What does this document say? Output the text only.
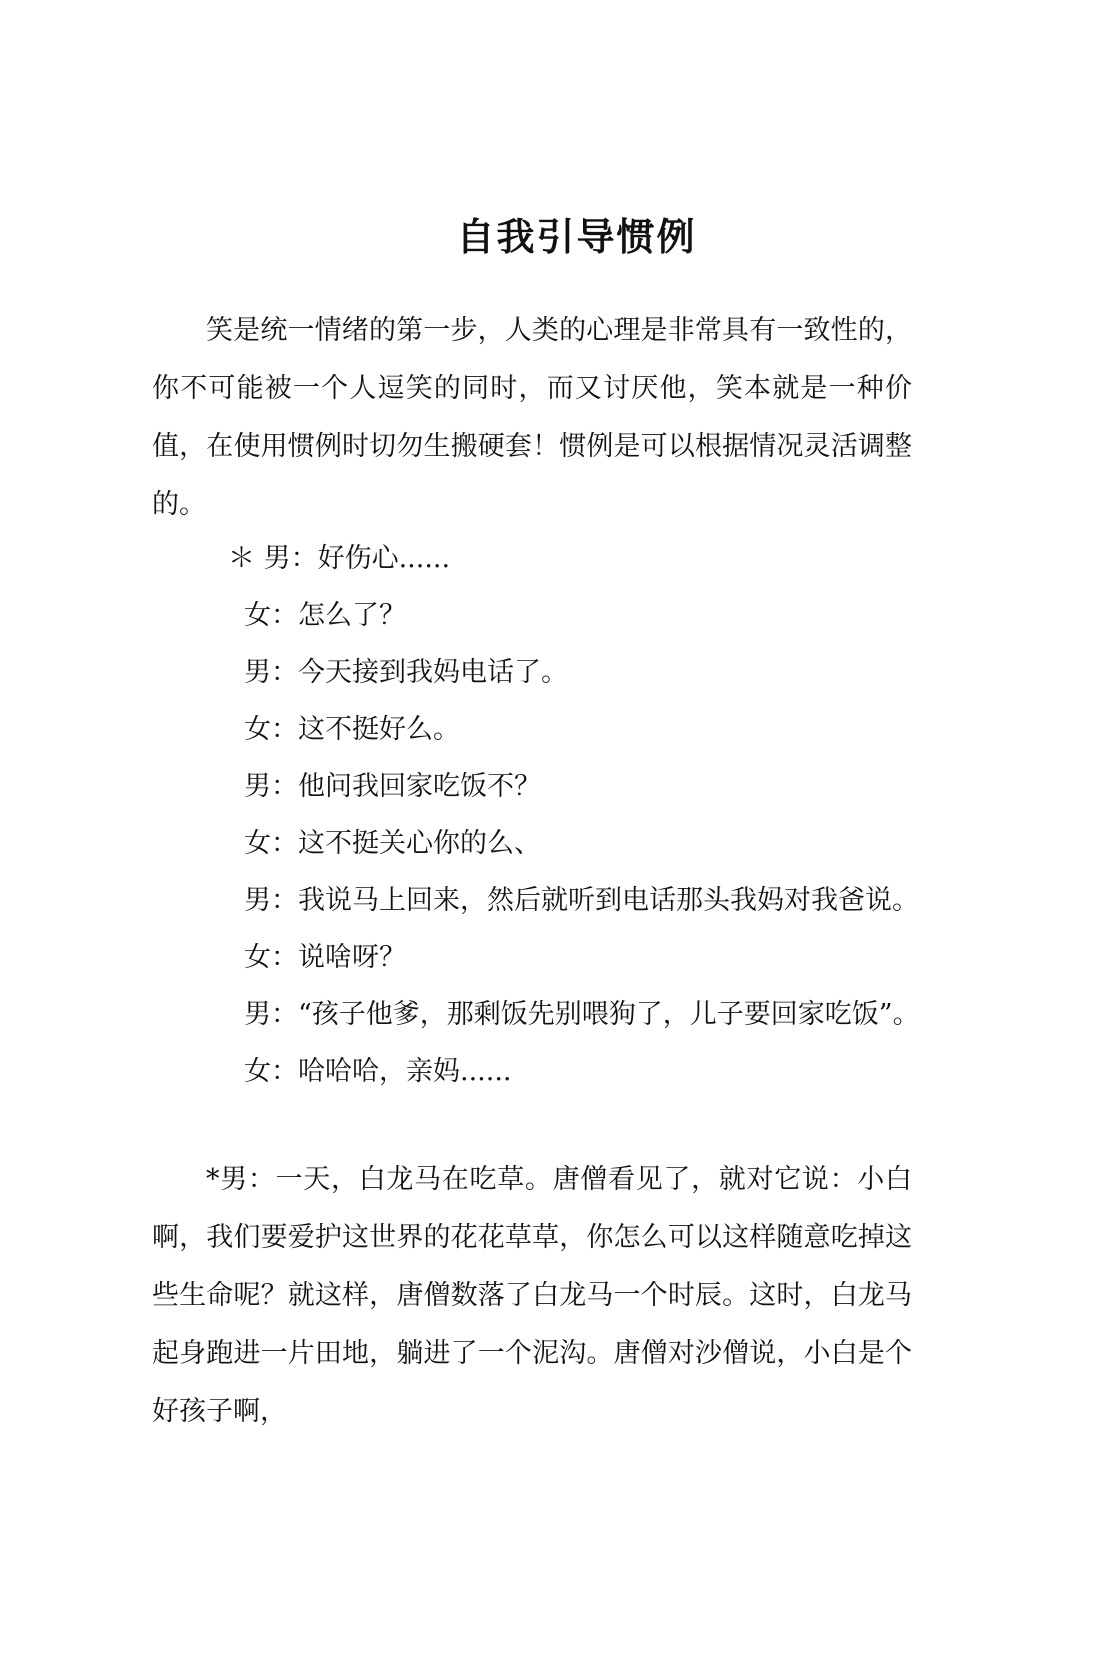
自我引导惯例

笑是统一情绪的第一步，人类的心理是非常具有一致性的，你不可能被一个人逗笑的同时，而又讨厌他，笑本就是一种价值，在使用惯例时切勿生搬硬套！惯例是可以根据情况灵活调整的。

＊ 男：好伤心......
女：怎么了？
男：今天接到我妈电话了。
女：这不挺好么。
男：他问我回家吃饭不？
女：这不挺关心你的么、
男：我说马上回来，然后就听到电话那头我妈对我爸说。
女：说啥呀？
男：“孩子他爹，那剩饭先别喂狗了，儿子要回家吃饭”。
女：哈哈哈，亲妈......

*男：一天，白龙马在吃草。唐僧看见了，就对它说：小白啊，我们要爱护这世界的花花草草，你怎么可以这样随意吃掉这些生命呢？就这样，唐僧数落了白龙马一个时辰。这时，白龙马起身跑进一片田地，躺进了一个泥沟。唐僧对沙僧说，小白是个好孩子啊，
